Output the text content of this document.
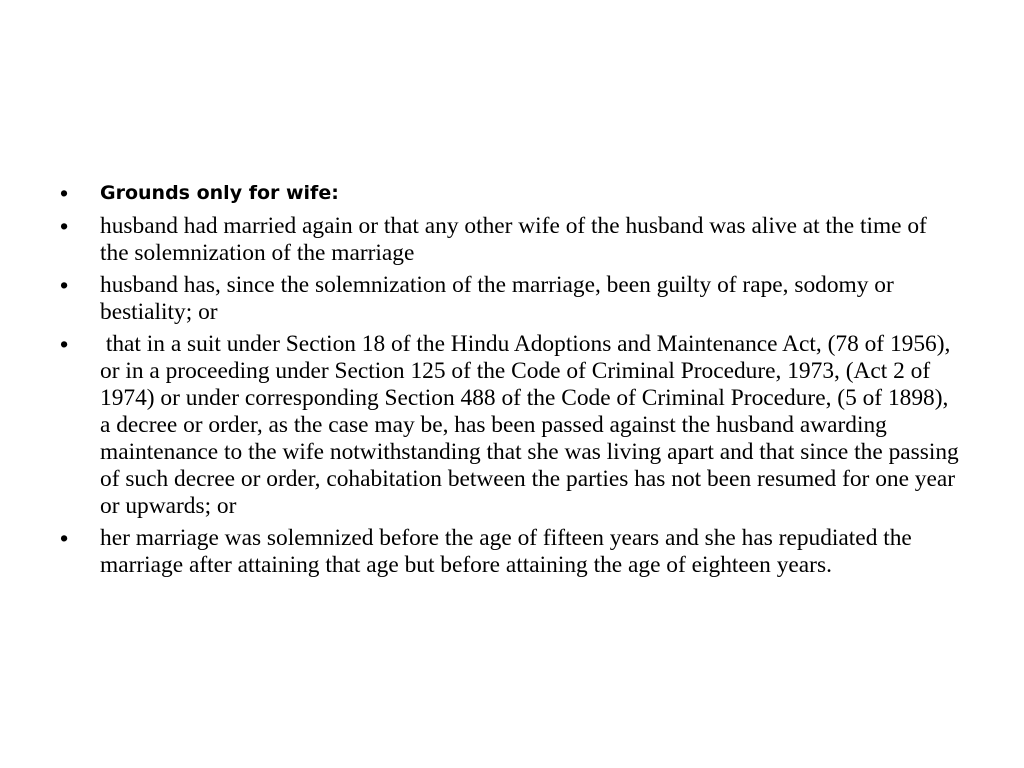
•	Grounds only for wife:
•	husband had married again or that any other wife of the husband was alive at the time of the solemnization of the marriage
•	husband has, since the solemnization of the marriage, been guilty of rape, sodomy or bestiality; or
•	that in a suit under Section 18 of the Hindu Adoptions and Maintenance Act, (78 of 1956), or in a proceeding under Section 125 of the Code of Criminal Procedure, 1973, (Act 2 of 1974) or under corresponding Section 488 of the Code of Criminal Procedure, (5 of 1898), a decree or order, as the case may be, has been passed against the husband awarding maintenance to the wife notwithstanding that she was living apart and that since the passing of such decree or order, cohabitation between the parties has not been resumed for one year or upwards; or
•	her marriage was solemnized before the age of fifteen years and she has repudiated the marriage after attaining that age but before attaining the age of eighteen years.
